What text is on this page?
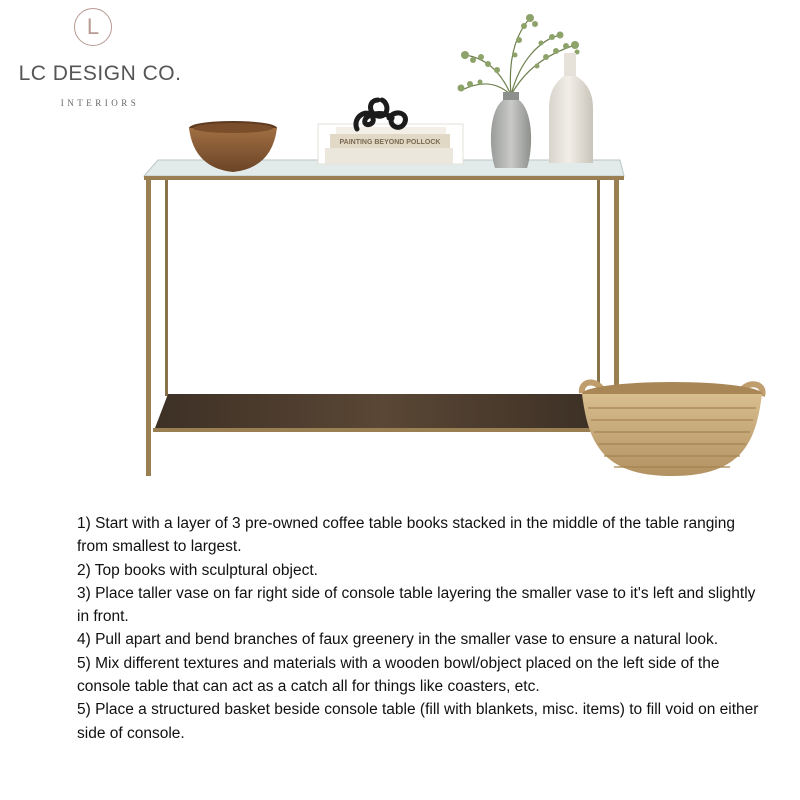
L
LC DESIGN CO.
INTERIORS
PAINTING BEYOND POLLOCK

1) Start with a layer of 3 pre-owned coffee table books stacked in the middle of the table ranging from smallest to largest.

2) Top books with sculptural object.

3) Place taller vase on far right side of console table layering the smaller vase to it's left and slightly in front.

4) Pull apart and bend branches of faux greenery in the smaller vase to ensure a natural look.

5) Mix different textures and materials with a wooden bowl/object placed on the left side of the console table that can act as a catch all for things like coasters, etc.

5) Place a structured basket beside console table (fill with blankets, misc. items) to fill void on either side of console.
